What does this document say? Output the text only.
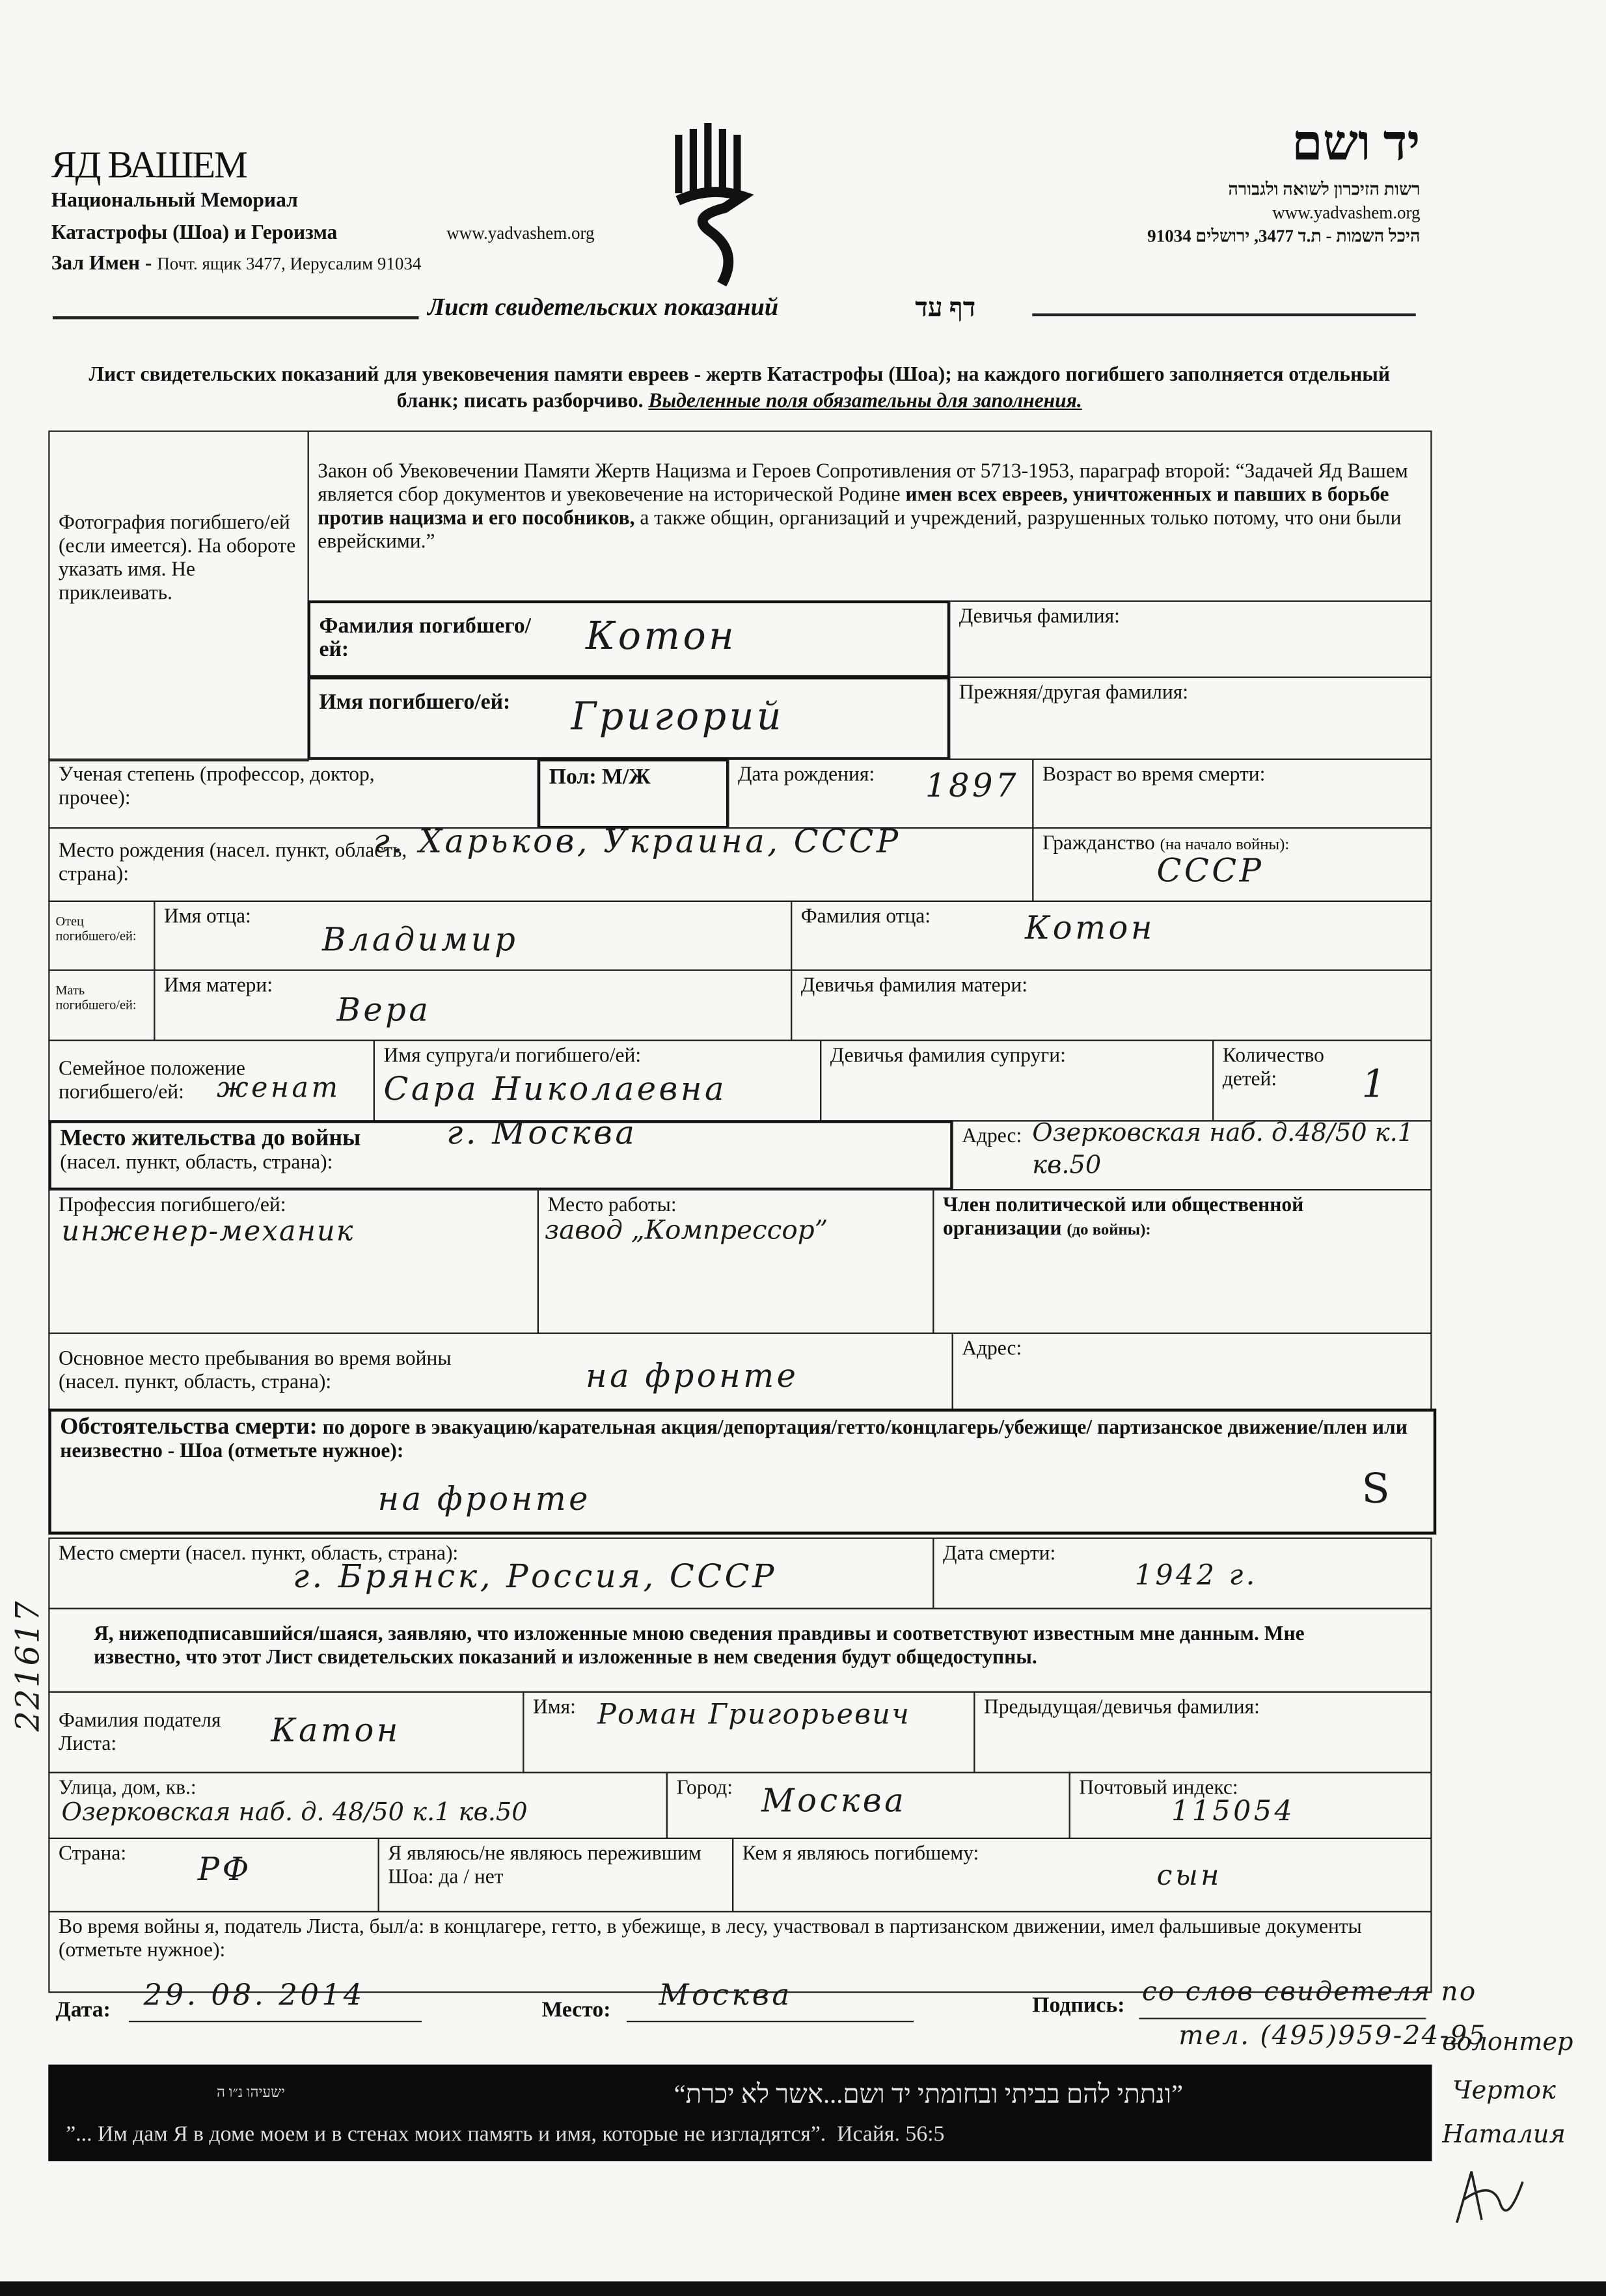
ЯД ВАШЕМ
Национальный Мемориал
Катастрофы (Шоа) и Героизма	www.yadvashem.org
Зал Имен - Почт. ящик 3477, Иерусалим 91034
יד ושם
רשות הזיכרון לשואה ולגבורה
www.yadvashem.org
היכל השמות - ת.ד 3477, ירושלים 91034
Лист свидетельских показаний	דף עד
Лист свидетельских показаний для увековечения памяти евреев - жертв Катастрофы (Шоа); на каждого погибшего заполняется отдельный бланк; писать разборчиво. Выделенные поля обязательны для заполнения.
Фотография погибшего/ей (если имеется). На обороте указать имя. Не приклеивать.
Закон об Увековечении Памяти Жертв Нацизма и Героев Сопротивления от 5713-1953, параграф второй: “Задачей Яд Вашем является сбор документов и увековечение на исторической Родине имен всех евреев, уничтоженных и павших в борьбе против нацизма и его пособников, а также общин, организаций и учреждений, разрушенных только потому, что они были еврейскими.”
Фамилия погибшего/ей:	Котон	Девичья фамилия:
Имя погибшего/ей:	Григорий
Прежняя/другая фамилия:
Ученая степень (профессор, доктор, прочее):
Пол: М/Ж	Дата рождения:	1897	Возраст во время смерти:
Место рождения (насел. пункт, область, страна):
г. Харьков, Украина, СССР	Гражданство (на начало войны):
СССР
Отец погибшего/ей:
Имя отца:
Владимир
Фамилия отца:	Котон
Мать погибшего/ей:
Имя матери:
Вера
Девичья фамилия матери:
Семейное положение погибшего/ей:	женат
Имя супруга/и погибшего/ей:
Сара Николаевна
Девичья фамилия супруги:	Количество детей:	1
Место жительства до войны
(насел. пункт, область, страна):
г. Москва	Адрес: Озерковская наб. д.48/50 к.1 кв.50
Профессия погибшего/ей:
инженер-механик
Место работы:
завод „Компрессор”
Член политической или общественной
организации (до войны):
Основное место пребывания во время войны (насел. пункт, область, страна):	на фронте
Адрес:
Обстоятельства смерти: по дороге в эвакуацию/карательная акция/депортация/гетто/концлагерь/убежище/ партизанское движение/плен или неизвестно - Шоа (отметьте нужное):
на фронте	S
Место смерти (насел. пункт, область, страна):
г. Брянск, Россия, СССР
Дата смерти:
1942 г.
Я, нижеподписавшийся/шаяся, заявляю, что изложенные мною сведения правдивы и соответствуют известным мне данным. Мне известно, что этот Лист свидетельских показаний и изложенные в нем сведения будут общедоступны.
Фамилия подателя Листа:	Катон
Имя:	Роман Григорьевич	Предыдущая/девичья фамилия:
Улица, дом, кв.:
Озерковская наб. д. 48/50 к.1 кв.50
Город:	Москва	Почтовый индекс:
115054
Страна:	РФ	Я являюсь/не являюсь пережившим Шоа: да / нет
Кем я являюсь погибшему:
сын
Во время войны я, податель Листа, был/а: в концлагере, гетто, в убежище, в лесу, участвовал в партизанском движении, имел фальшивые документы (отметьте нужное):
Дата:	29. 08. 2014	Место:	Москва	Подпись: со слов свидетеля по
тел. (495)959-24-95
волонтер
Черток
Наталия
”ונתתי להם בביתי ובחומתי יד ושם...אשר לא יכרת“
ישעיהו נ״ו ה
”... Им дам Я в доме моем и в стенах моих память и имя, которые не изгладятся”. Исайя. 56:5
221617
